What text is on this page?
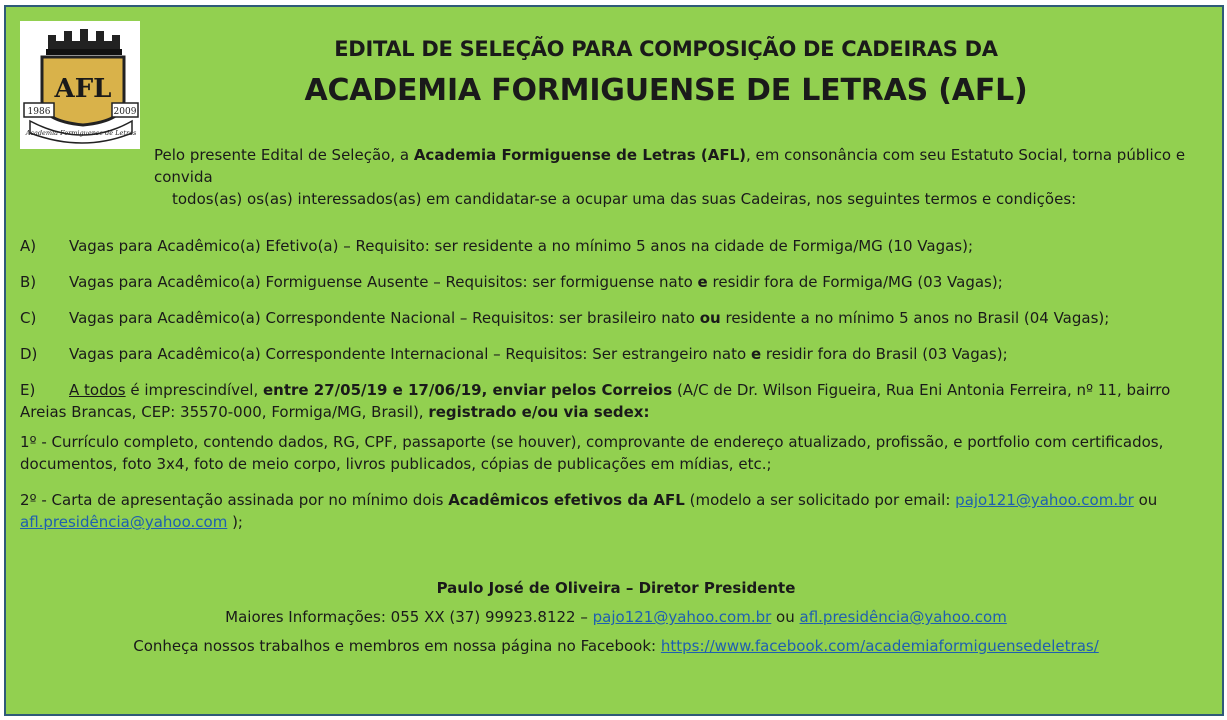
AFL
1986	2009
Academia Formiguense de Letras
EDITAL DE SELEÇÃO PARA COMPOSIÇÃO DE CADEIRAS DA
ACADEMIA FORMIGUENSE DE LETRAS (AFL)
Pelo presente Edital de Seleção, a Academia Formiguense de Letras (AFL), em consonância com seu Estatuto Social, torna público e convida
todos(as) os(as) interessados(as) em candidatar-se a ocupar uma das suas Cadeiras, nos seguintes termos e condições:
A) Vagas para Acadêmico(a) Efetivo(a) – Requisito: ser residente a no mínimo 5 anos na cidade de Formiga/MG (10 Vagas);
B) Vagas para Acadêmico(a) Formiguense Ausente – Requisitos: ser formiguense nato e residir fora de Formiga/MG (03 Vagas);
C) Vagas para Acadêmico(a) Correspondente Nacional – Requisitos: ser brasileiro nato ou residente a no mínimo 5 anos no Brasil (04 Vagas);
D) Vagas para Acadêmico(a) Correspondente Internacional – Requisitos: Ser estrangeiro nato e residir fora do Brasil (03 Vagas);
E)	A todos é imprescindível, entre 27/05/19 e 17/06/19, enviar pelos Correios (A/C de Dr. Wilson Figueira, Rua Eni Antonia Ferreira, nº 11, bairro Areias Brancas, CEP: 35570-000, Formiga/MG, Brasil), registrado e/ou via sedex:
1º - Currículo completo, contendo dados, RG, CPF, passaporte (se houver), comprovante de endereço atualizado, profissão, e portfolio com certificados, documentos, foto 3x4, foto de meio corpo, livros publicados, cópias de publicações em mídias, etc.;
2º - Carta de apresentação assinada por no mínimo dois Acadêmicos efetivos da AFL (modelo a ser solicitado por email: pajo121@yahoo.com.br ou
afl.presidência@yahoo.com );
Paulo José de Oliveira – Diretor Presidente
Maiores Informações: 055 XX (37) 99923.8122 – pajo121@yahoo.com.br ou afl.presidência@yahoo.com
Conheça nossos trabalhos e membros em nossa página no Facebook: https://www.facebook.com/academiaformiguensedeletras/
